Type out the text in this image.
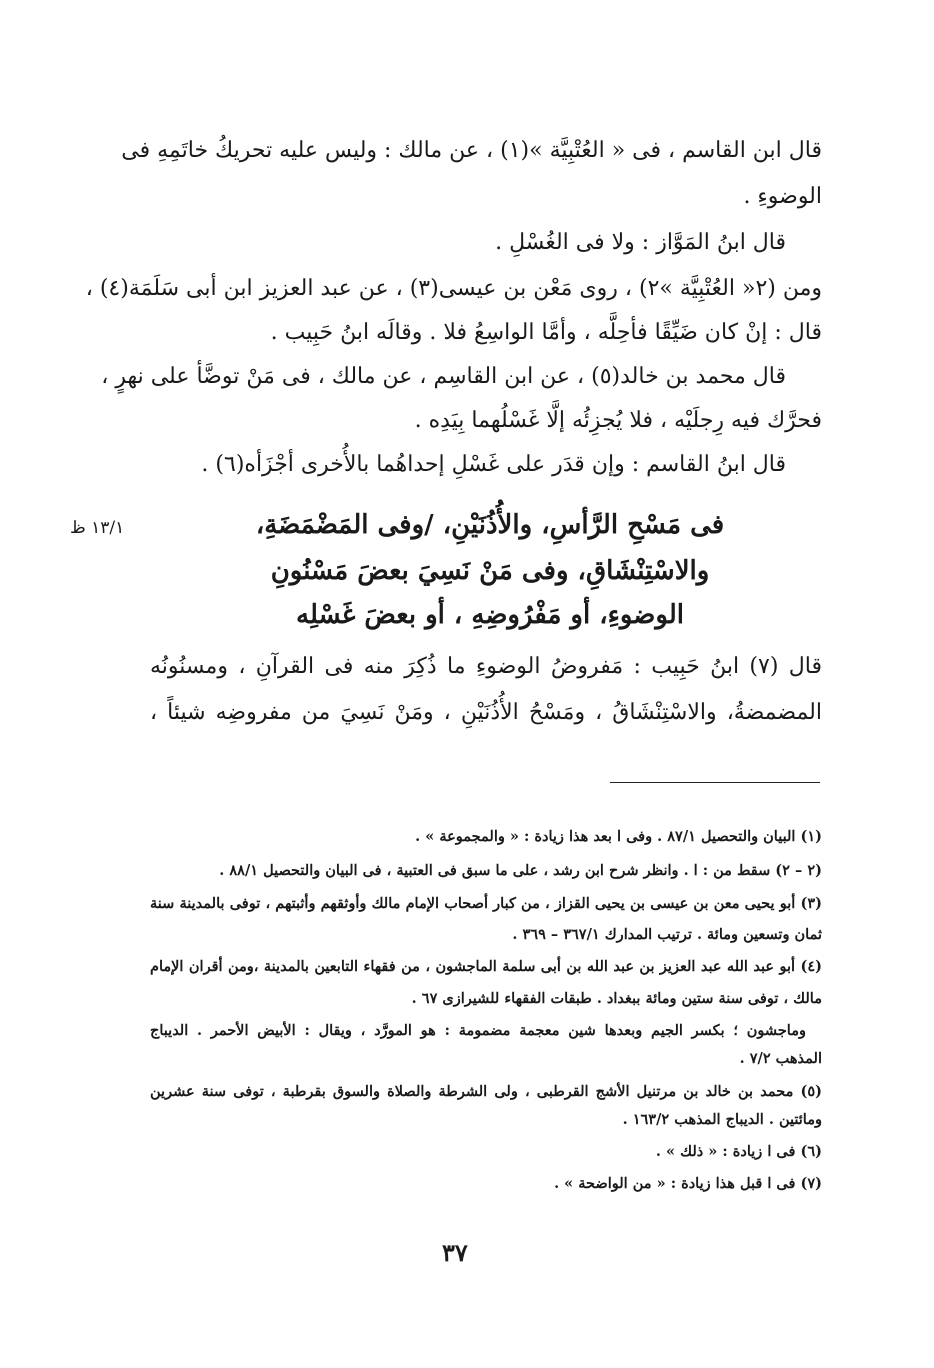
قال ابن القاسم ، فى « العُتْبِيَّة »(١) ، عن مالك : وليس عليه تحريكُ خاتَمِهِ فى
الوضوءِ .
قال ابنُ المَوَّاز : ولا فى الغُسْلِ .
ومن (٢« العُتْبِيَّة »٢) ، روى مَعْن بن عيسى(٣) ، عن عبد العزيز ابن أبى سَلَمَة(٤) ،
قال : إنْ كان ضَيِّقًا فأحِلَّه ، وأمَّا الواسِعُ فلا . وقالَه ابنُ حَبِيب .
قال محمد بن خالد(٥) ، عن ابن القاسِم ، عن مالك ، فى مَنْ توضَّأ على نهرٍ ،
فحرَّك فيه رِجلَيْه ، فلا يُجزِئُه إلَّا غَسْلُهما بِيَدِه .
قال ابنُ القاسم : وإن قدَر على غَسْلِ إحداهُما بالأُخرى أجْزَأه(٦) .
١٣/١ ظ	فى مَسْحِ الرَّأسِ، والأُذُنَيْنِ، /وفى المَضْمَضَةِ،
والاسْتِنْشَاقِ، وفى مَنْ نَسِيَ بعضَ مَسْنُونِ
الوضوءِ، أو مَفْرُوضِهِ ، أو بعضَ غَسْلِه
قال (٧) ابنُ حَبِيب : مَفروضُ الوضوءِ ما ذُكِرَ منه فى القرآنِ ، ومسنُونُه
المضمضةُ، والاسْتِنْشَاقُ ، ومَسْحُ الأُذُنَيْنِ ، ومَنْ نَسِيَ من مفروضِه شيئاً ،
(١) البيان والتحصيل ٨٧/١ . وفى ا بعد هذا زيادة : « والمجموعة » .
(٢ – ٢) سقط من : ا . وانظر شرح ابن رشد ، على ما سبق فى العتبية ، فى البيان والتحصيل ٨٨/١ .
(٣) أبو يحيى معن بن عيسى بن يحيى القزاز ، من كبار أصحاب الإمام مالك وأوثقهم وأثبتهم ، توفى بالمدينة سنة
ثمان وتسعين ومائة . ترتيب المدارك ٣٦٧/١ – ٣٦٩ .
(٤) أبو عبد الله عبد العزيز بن عبد الله بن أبى سلمة الماجشون ، من فقهاء التابعين بالمدينة ،ومن أقران الإمام
مالك ، توفى سنة ستين ومائة ببغداد . طبقات الفقهاء للشيرازى ٦٧ .
وماجشون ؛ بكسر الجيم وبعدها شين معجمة مضمومة : هو المورَّد ، ويقال : الأبيض الأحمر . الديباج
المذهب ٧/٢ .
(٥) محمد بن خالد بن مرتنيل الأشج القرطبى ، ولى الشرطة والصلاة والسوق بقرطبة ، توفى سنة عشرين
ومائتين . الديباج المذهب ١٦٣/٢ .
(٦) فى ا زيادة : « ذلك » .
(٧) فى ا قبل هذا زيادة : « من الواضحة » .
٣٧
